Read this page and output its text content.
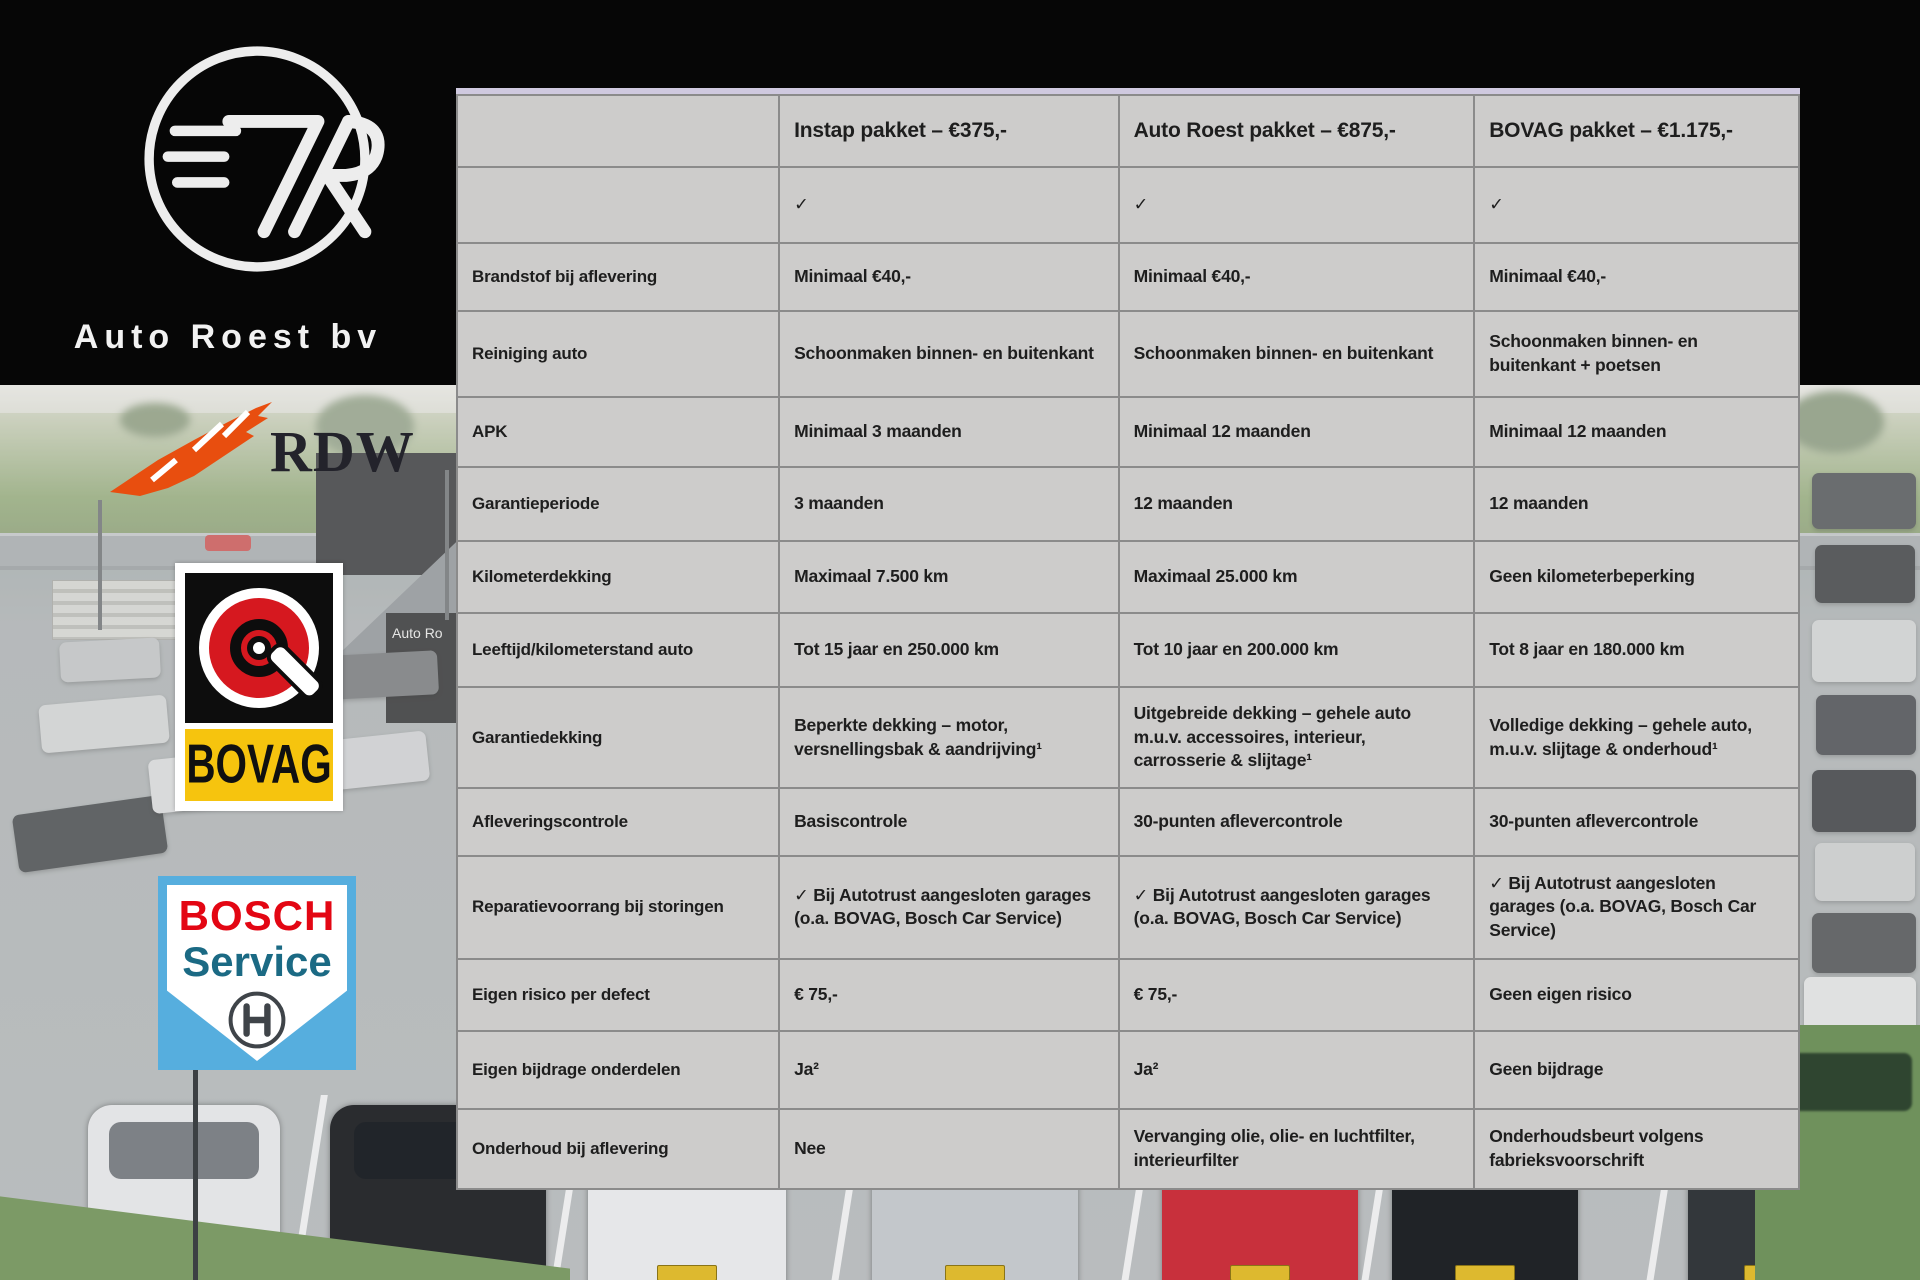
Auto Ro
Auto Roest bv
RDW
BOVAG
BOSCH
Service
	Instap pakket – €375,-	Auto Roest pakket – €875,-	BOVAG pakket – €1.175,-
	✓	✓	✓
Brandstof bij aflevering	Minimaal €40,-	Minimaal €40,-	Minimaal €40,-
Reiniging auto	Schoonmaken binnen- en buitenkant	Schoonmaken binnen- en buitenkant	Schoonmaken binnen- en buitenkant + poetsen
APK	Minimaal 3 maanden	Minimaal 12 maanden	Minimaal 12 maanden
Garantieperiode	3 maanden	12 maanden	12 maanden
Kilometerdekking	Maximaal 7.500 km	Maximaal 25.000 km	Geen kilometerbeperking
Leeftijd/kilometerstand auto	Tot 15 jaar en 250.000 km	Tot 10 jaar en 200.000 km	Tot 8 jaar en 180.000 km
Garantiedekking	Beperkte dekking – motor, versnellingsbak & aandrijving¹	Uitgebreide dekking – gehele auto m.u.v. accessoires, interieur, carrosserie & slijtage¹	Volledige dekking – gehele auto, m.u.v. slijtage & onderhoud¹
Afleveringscontrole	Basiscontrole	30-punten aflevercontrole	30-punten aflevercontrole
Reparatievoorrang bij storingen	✓ Bij Autotrust aangesloten garages (o.a. BOVAG, Bosch Car Service)	✓ Bij Autotrust aangesloten garages (o.a. BOVAG, Bosch Car Service)	✓ Bij Autotrust aangesloten garages (o.a. BOVAG, Bosch Car Service)
Eigen risico per defect	€ 75,-	€ 75,-	Geen eigen risico
Eigen bijdrage onderdelen	Ja²	Ja²	Geen bijdrage
Onderhoud bij aflevering	Nee	Vervanging olie, olie- en luchtfilter, interieurfilter	Onderhoudsbeurt volgens fabrieksvoorschrift
